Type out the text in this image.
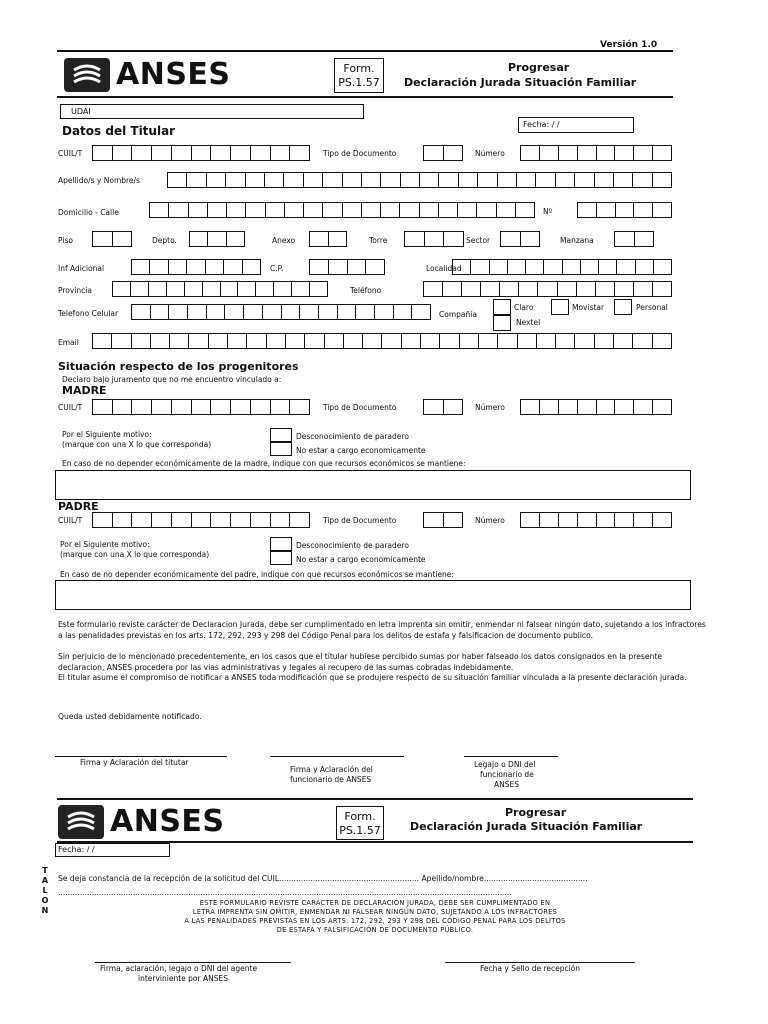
Versión 1.0
ANSES	Form.
PS.1.57
Progresar
Declaración Jurada Situación Familiar
UDAI
Datos del Titular	Fecha: / /
CUIL/T	Tipo de Documento	Número
Apellido/s y Nombre/s
Domicilio - Calle	Nº
Piso	Depto.	Anexo	Torre	Sector	Manzana
Inf Adicional	C.P.	Localidad
Provincia	Teléfono
Telefono Celular	Compañía
Claro	Movistar	Personal
Nextel
Email
Situación respecto de los progenitores
Declaro bajo juramento que no me encuentro vinculado a:
MADRE
CUIL/T	Tipo de Documento	Número
Por el Siguiente motivo:
(marque con una X lo que corresponda)
Desconocimiento de paradero
No estar a cargo economicamente
En caso de no depender económicamente de la madre, indique con que recursos económicos se mantiene:
PADRE
CUIL/T	Tipo de Documento	Número
Por el Siguiente motivo:
(marque con una X lo que corresponda)
Desconocimiento de paradero
No estar a cargo economicamente
En caso de no depender económicamente del padre, indique con que recursos económicos se mantiene:
Este formulario reviste carácter de Declaracion Jurada, debe ser cumplimentado en letra imprenta sin omitir, enmendar ni falsear ningún dato, sujetando a los infractores a las penalidades previstas en los arts. 172, 292, 293 y 298 del Código Penal para los delitos de estafa y falsificacion de documento publico.
Sin perjuicio de lo mencionado precedentemente, en los casos que el titular hubiese percibido sumas por haber falseado los datos consignados en la presente declaracion, ANSES procedera por las vias administrativas y legales al recupero de las sumas cobradas indebidamente.
El titular asume el compromiso de notificar a ANSES toda modificación que se produjere respecto de su situación familiar vinculada a la presente declaración jurada.
Queda usted debidamente notificado.
Firma y Aclaración del titutar
Firma y Aclaración del
funcionario de ANSES
Legajo o DNI del
funcionario de
ANSES
ANSES	Form.
PS.1.57
Progresar
Declaración Jurada Situación Familiar
Fecha: / /
T
A
L
O
N
Se deja constancia de la recepción de la solicitud del CUIL.......................................................... Apellido/nombre...........................................
............................................................................................................................................................................................
ESTE FORMULARIO REVISTE CARÁCTER DE DECLARACIÓN JURADA, DEBE SER CUMPLIMENTADO EN
LETRA IMPRENTA SIN OMITIR, ENMENDAR NI FALSEAR NINGÚN DATO, SUJETANDO A LOS INFRACTORES
A LAS PENALIDADES PREVISTAS EN LOS ARTS. 172, 292, 293 Y 298 DEL CÓDIGO PENAL PARA LOS DELITOS
DE ESTAFA Y FALSIFICACIÓN DE DOCUMENTO PÚBLICO.
Firma, aclaración, legajo o DNI del agente
interviniente por ANSES
Fecha y Sello de recepción
